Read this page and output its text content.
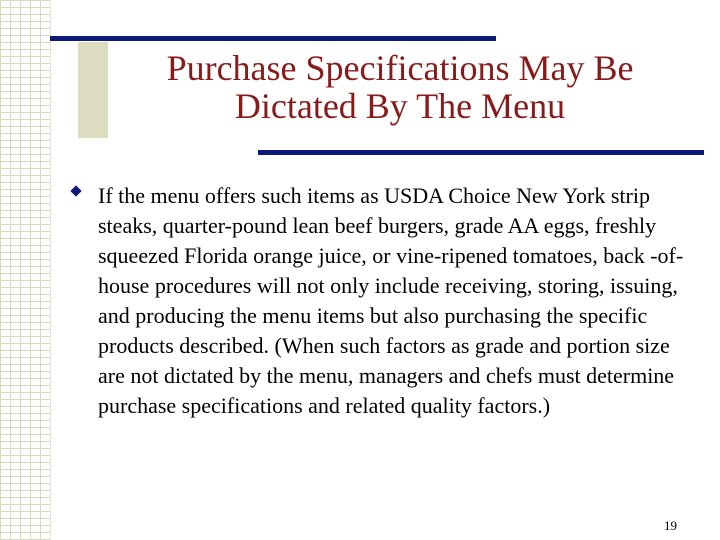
Purchase Specifications May Be Dictated By The Menu

If the menu offers such items as USDA Choice New York strip steaks, quarter-pound lean beef burgers, grade AA eggs, freshly squeezed Florida orange juice, or vine-ripened tomatoes, back -of-house procedures will not only include receiving, storing, issuing, and producing the menu items but also purchasing the specific products described. (When such factors as grade and portion size are not dictated by the menu, managers and chefs must determine purchase specifications and related quality factors.)

19
